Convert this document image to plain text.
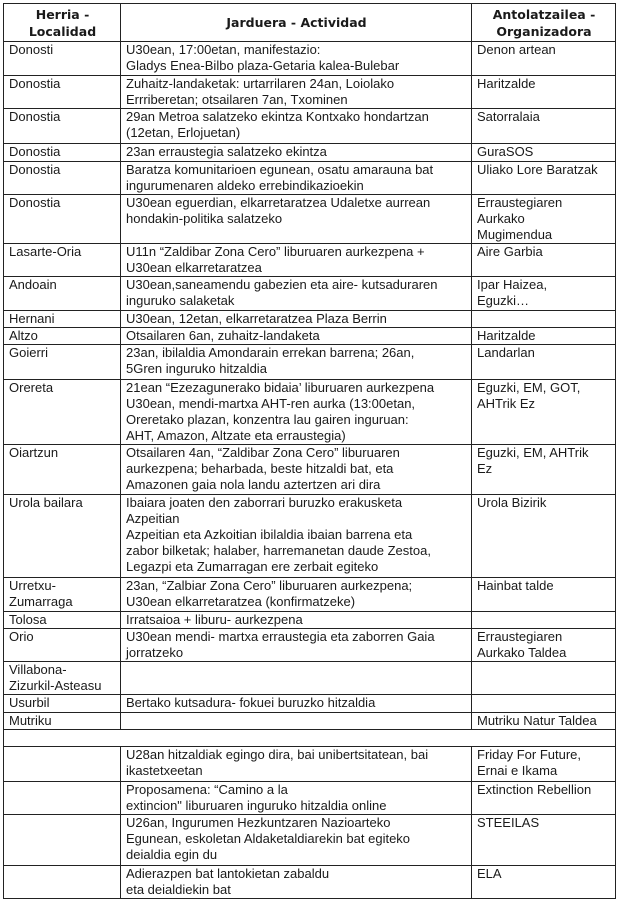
Herria - Localidad	Jarduera - Actividad	Antolatzailea - Organizadora

Donosti	U30ean, 17:00etan, manifestazio:
Gladys Enea-Bilbo plaza-Getaria kalea-Bulebar	Denon artean

Donostia	Zuhaitz-landaketak: urtarrilaren 24an, Loiolako
Errriberetan; otsailaren 7an, Txominen	Haritzalde

Donostia	29an Metroa salatzeko ekintza Kontxako hondartzan
(12etan, Erlojuetan)	Satorralaia

Donostia	23an erraustegia salatzeko ekintza	GuraSOS

Donostia	Baratza komunitarioen egunean, osatu amarauna bat
ingurumenaren aldeko errebindikazioekin	Uliako Lore Baratzak

Donostia	U30ean eguerdian, elkarretaratzea Udaletxe aurrean
hondakin-politika salatzeko	Erraustegiaren
Aurkako
Mugimendua

Lasarte-Oria	U11n “Zaldibar Zona Cero” liburuaren aurkezpena +
U30ean elkarretaratzea	Aire Garbia

Andoain	U30ean,saneamendu gabezien eta aire- kutsaduraren
inguruko salaketak	Ipar Haizea,
Eguzki…

Hernani	U30ean, 12etan, elkarretaratzea Plaza Berrin	

Altzo	Otsailaren 6an, zuhaitz-landaketa	Haritzalde

Goierri	23an, ibilaldia Amondarain errekan barrena; 26an,
5Gren inguruko hitzaldia	Landarlan

Orereta	21ean “Ezezagunerako bidaia’ liburuaren aurkezpena
U30ean, mendi-martxa AHT-ren aurka (13:00etan,
Oreretako plazan, konzentra lau gairen inguruan:
AHT, Amazon, Altzate eta erraustegia)	Eguzki, EM, GOT,
AHTrik Ez

Oiartzun	Otsailaren 4an, “Zaldibar Zona Cero” liburuaren
aurkezpena; beharbada, beste hitzaldi bat, eta
Amazonen gaia nola landu aztertzen ari dira	Eguzki, EM, AHTrik
Ez

Urola bailara	Ibaiara joaten den zaborrari buruzko erakusketa
Azpeitian
Azpeitian eta Azkoitian ibilaldia ibaian barrena eta
zabor bilketak; halaber, harremanetan daude Zestoa,
Legazpi eta Zumarragan ere zerbait egiteko	Urola Bizirik

Urretxu-
Zumarraga	23an, “Zalbiar Zona Cero” liburuaren aurkezpena;
U30ean elkarretaratzea (konfirmatzeke)	Hainbat talde

Tolosa	Irratsaioa + liburu- aurkezpena	

Orio	U30ean mendi- martxa erraustegia eta zaborren Gaia
jorratzeko	Erraustegiaren
Aurkako Taldea

Villabona-
Zizurkil-Asteasu		

Usurbil	Bertako kutsadura- fokuei buruzko hitzaldia	

Mutriku		Mutriku Natur Taldea

	U28an hitzaldiak egingo dira, bai unibertsitatean, bai
ikastetxeetan	Friday For Future,
Ernai e Ikama

	Proposamena: “Camino a la
extincion" liburuaren inguruko hitzaldia online	Extinction Rebellion

	U26an, Ingurumen Hezkuntzaren Nazioarteko
Egunean, eskoletan Aldaketaldiarekin bat egiteko
deialdia egin du	STEEILAS

	Adierazpen bat lantokietan zabaldu
eta deialdiekin bat	ELA
